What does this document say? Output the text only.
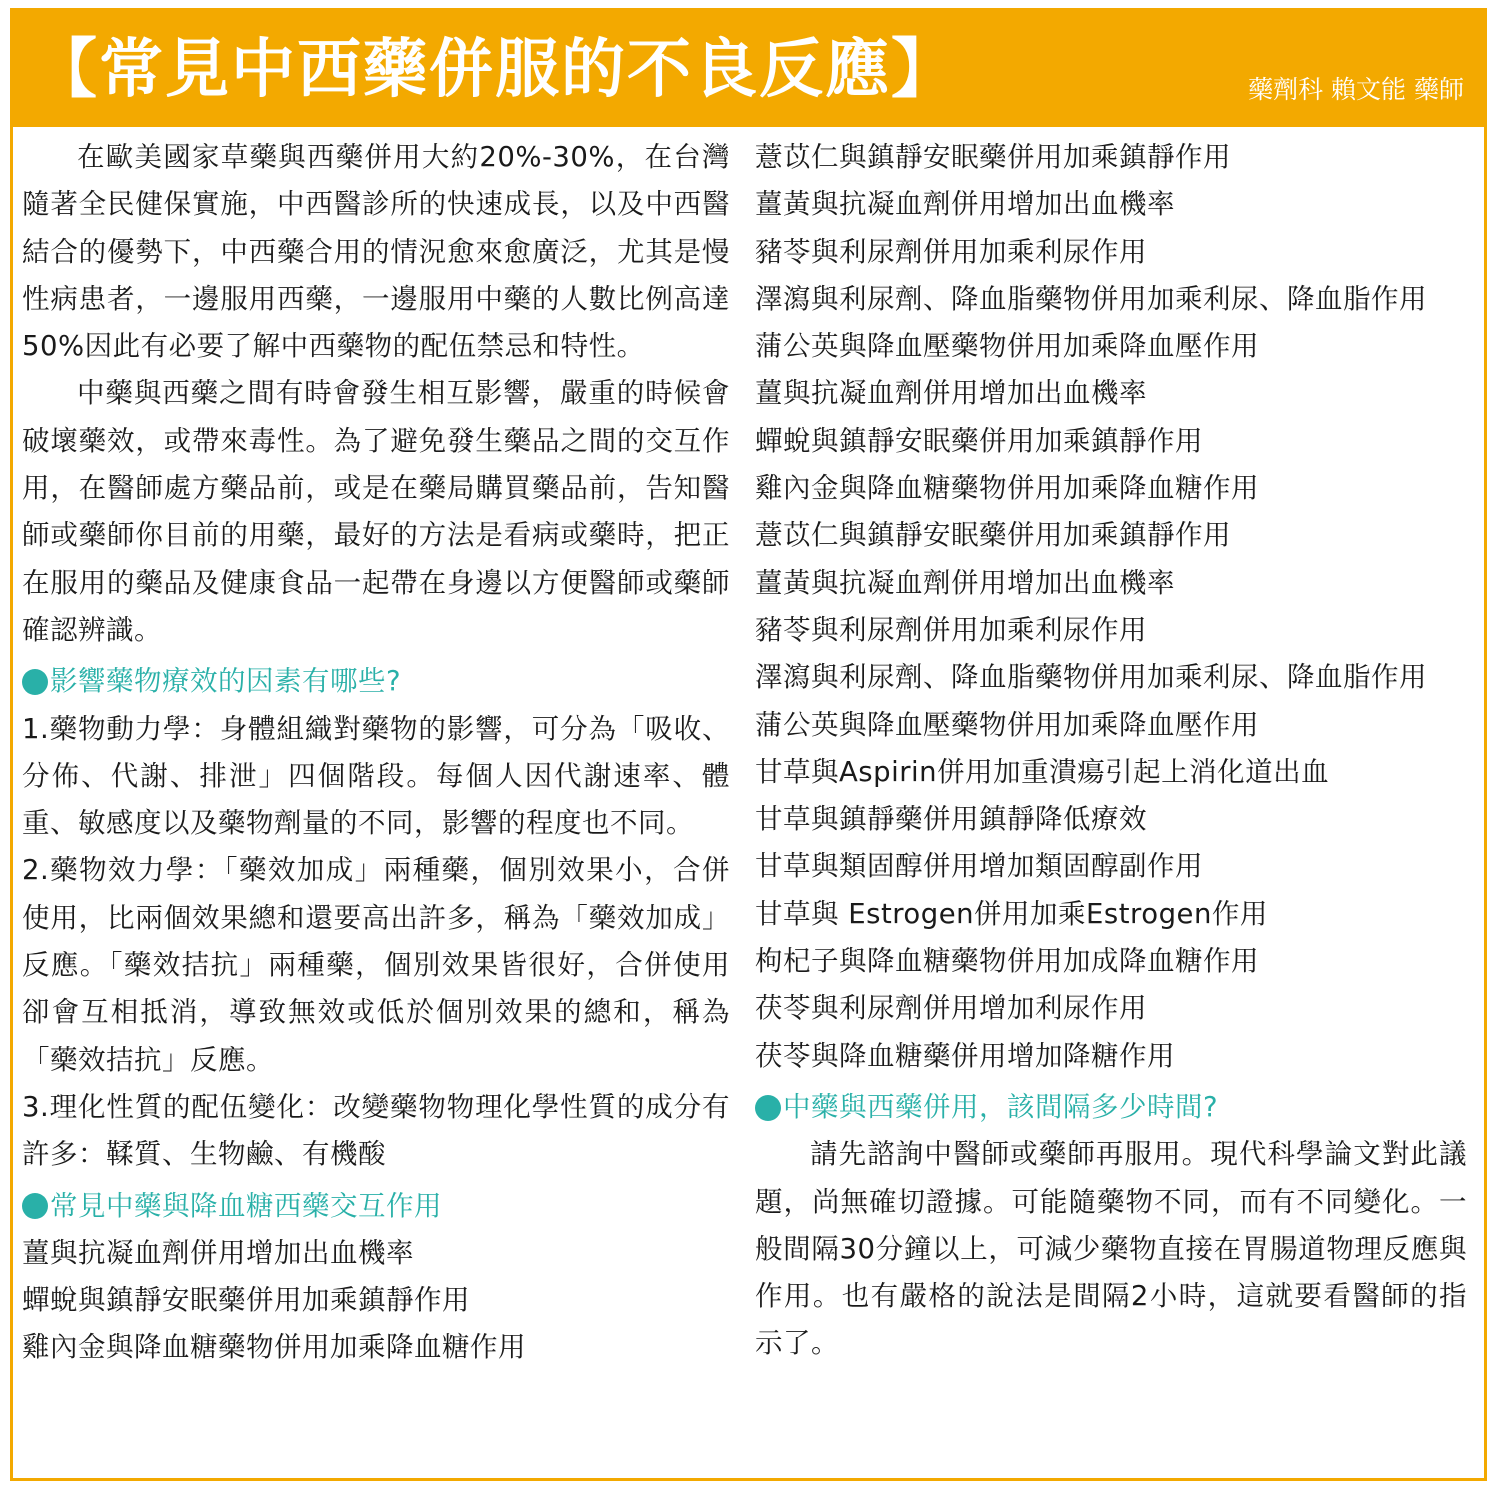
【常見中西藥併服的不良反應】	藥劑科 賴文能 藥師

在歐美國家草藥與西藥併用大約20%-30%，在台灣隨著全民健保實施，中西醫診所的快速成長，以及中西醫結合的優勢下，中西藥合用的情況愈來愈廣泛，尤其是慢性病患者，一邊服用西藥，一邊服用中藥的人數比例高達50%因此有必要了解中西藥物的配伍禁忌和特性。

中藥與西藥之間有時會發生相互影響，嚴重的時候會破壞藥效，或帶來毒性。為了避免發生藥品之間的交互作用，在醫師處方藥品前，或是在藥局購買藥品前，告知醫師或藥師你目前的用藥，最好的方法是看病或藥時，把正在服用的藥品及健康食品一起帶在身邊以方便醫師或藥師確認辨識。

影響藥物療效的因素有哪些?

1.藥物動力學：身體組織對藥物的影響，可分為「吸收、分佈、代謝、排泄」四個階段。每個人因代謝速率、體重、敏感度以及藥物劑量的不同，影響的程度也不同。

2.藥物效力學：「藥效加成」兩種藥，個別效果小，合併使用，比兩個效果總和還要高出許多，稱為「藥效加成」反應。「藥效拮抗」兩種藥，個別效果皆很好，合併使用卻會互相抵消，導致無效或低於個別效果的總和，稱為「藥效拮抗」反應。

3.理化性質的配伍變化：改變藥物物理化學性質的成分有許多：鞣質、生物鹼、有機酸

常見中藥與降血糖西藥交互作用
薑與抗凝血劑併用增加出血機率
蟬蛻與鎮靜安眠藥併用加乘鎮靜作用
雞內金與降血糖藥物併用加乘降血糖作用
薏苡仁與鎮靜安眠藥併用加乘鎮靜作用
薑黃與抗凝血劑併用增加出血機率
豬苓與利尿劑併用加乘利尿作用
澤瀉與利尿劑、降血脂藥物併用加乘利尿、降血脂作用
蒲公英與降血壓藥物併用加乘降血壓作用
薑與抗凝血劑併用增加出血機率
蟬蛻與鎮靜安眠藥併用加乘鎮靜作用
雞內金與降血糖藥物併用加乘降血糖作用
薏苡仁與鎮靜安眠藥併用加乘鎮靜作用
薑黃與抗凝血劑併用增加出血機率
豬苓與利尿劑併用加乘利尿作用
澤瀉與利尿劑、降血脂藥物併用加乘利尿、降血脂作用
蒲公英與降血壓藥物併用加乘降血壓作用
甘草與Aspirin併用加重潰瘍引起上消化道出血
甘草與鎮靜藥併用鎮靜降低療效
甘草與類固醇併用增加類固醇副作用
甘草與 Estrogen併用加乘Estrogen作用
枸杞子與降血糖藥物併用加成降血糖作用
茯苓與利尿劑併用增加利尿作用
茯苓與降血糖藥併用增加降糖作用
中藥與西藥併用，該間隔多少時間?

請先諮詢中醫師或藥師再服用。現代科學論文對此議題，尚無確切證據。可能隨藥物不同，而有不同變化。一般間隔30分鐘以上，可減少藥物直接在胃腸道物理反應與作用。也有嚴格的說法是間隔2小時，這就要看醫師的指示了。
